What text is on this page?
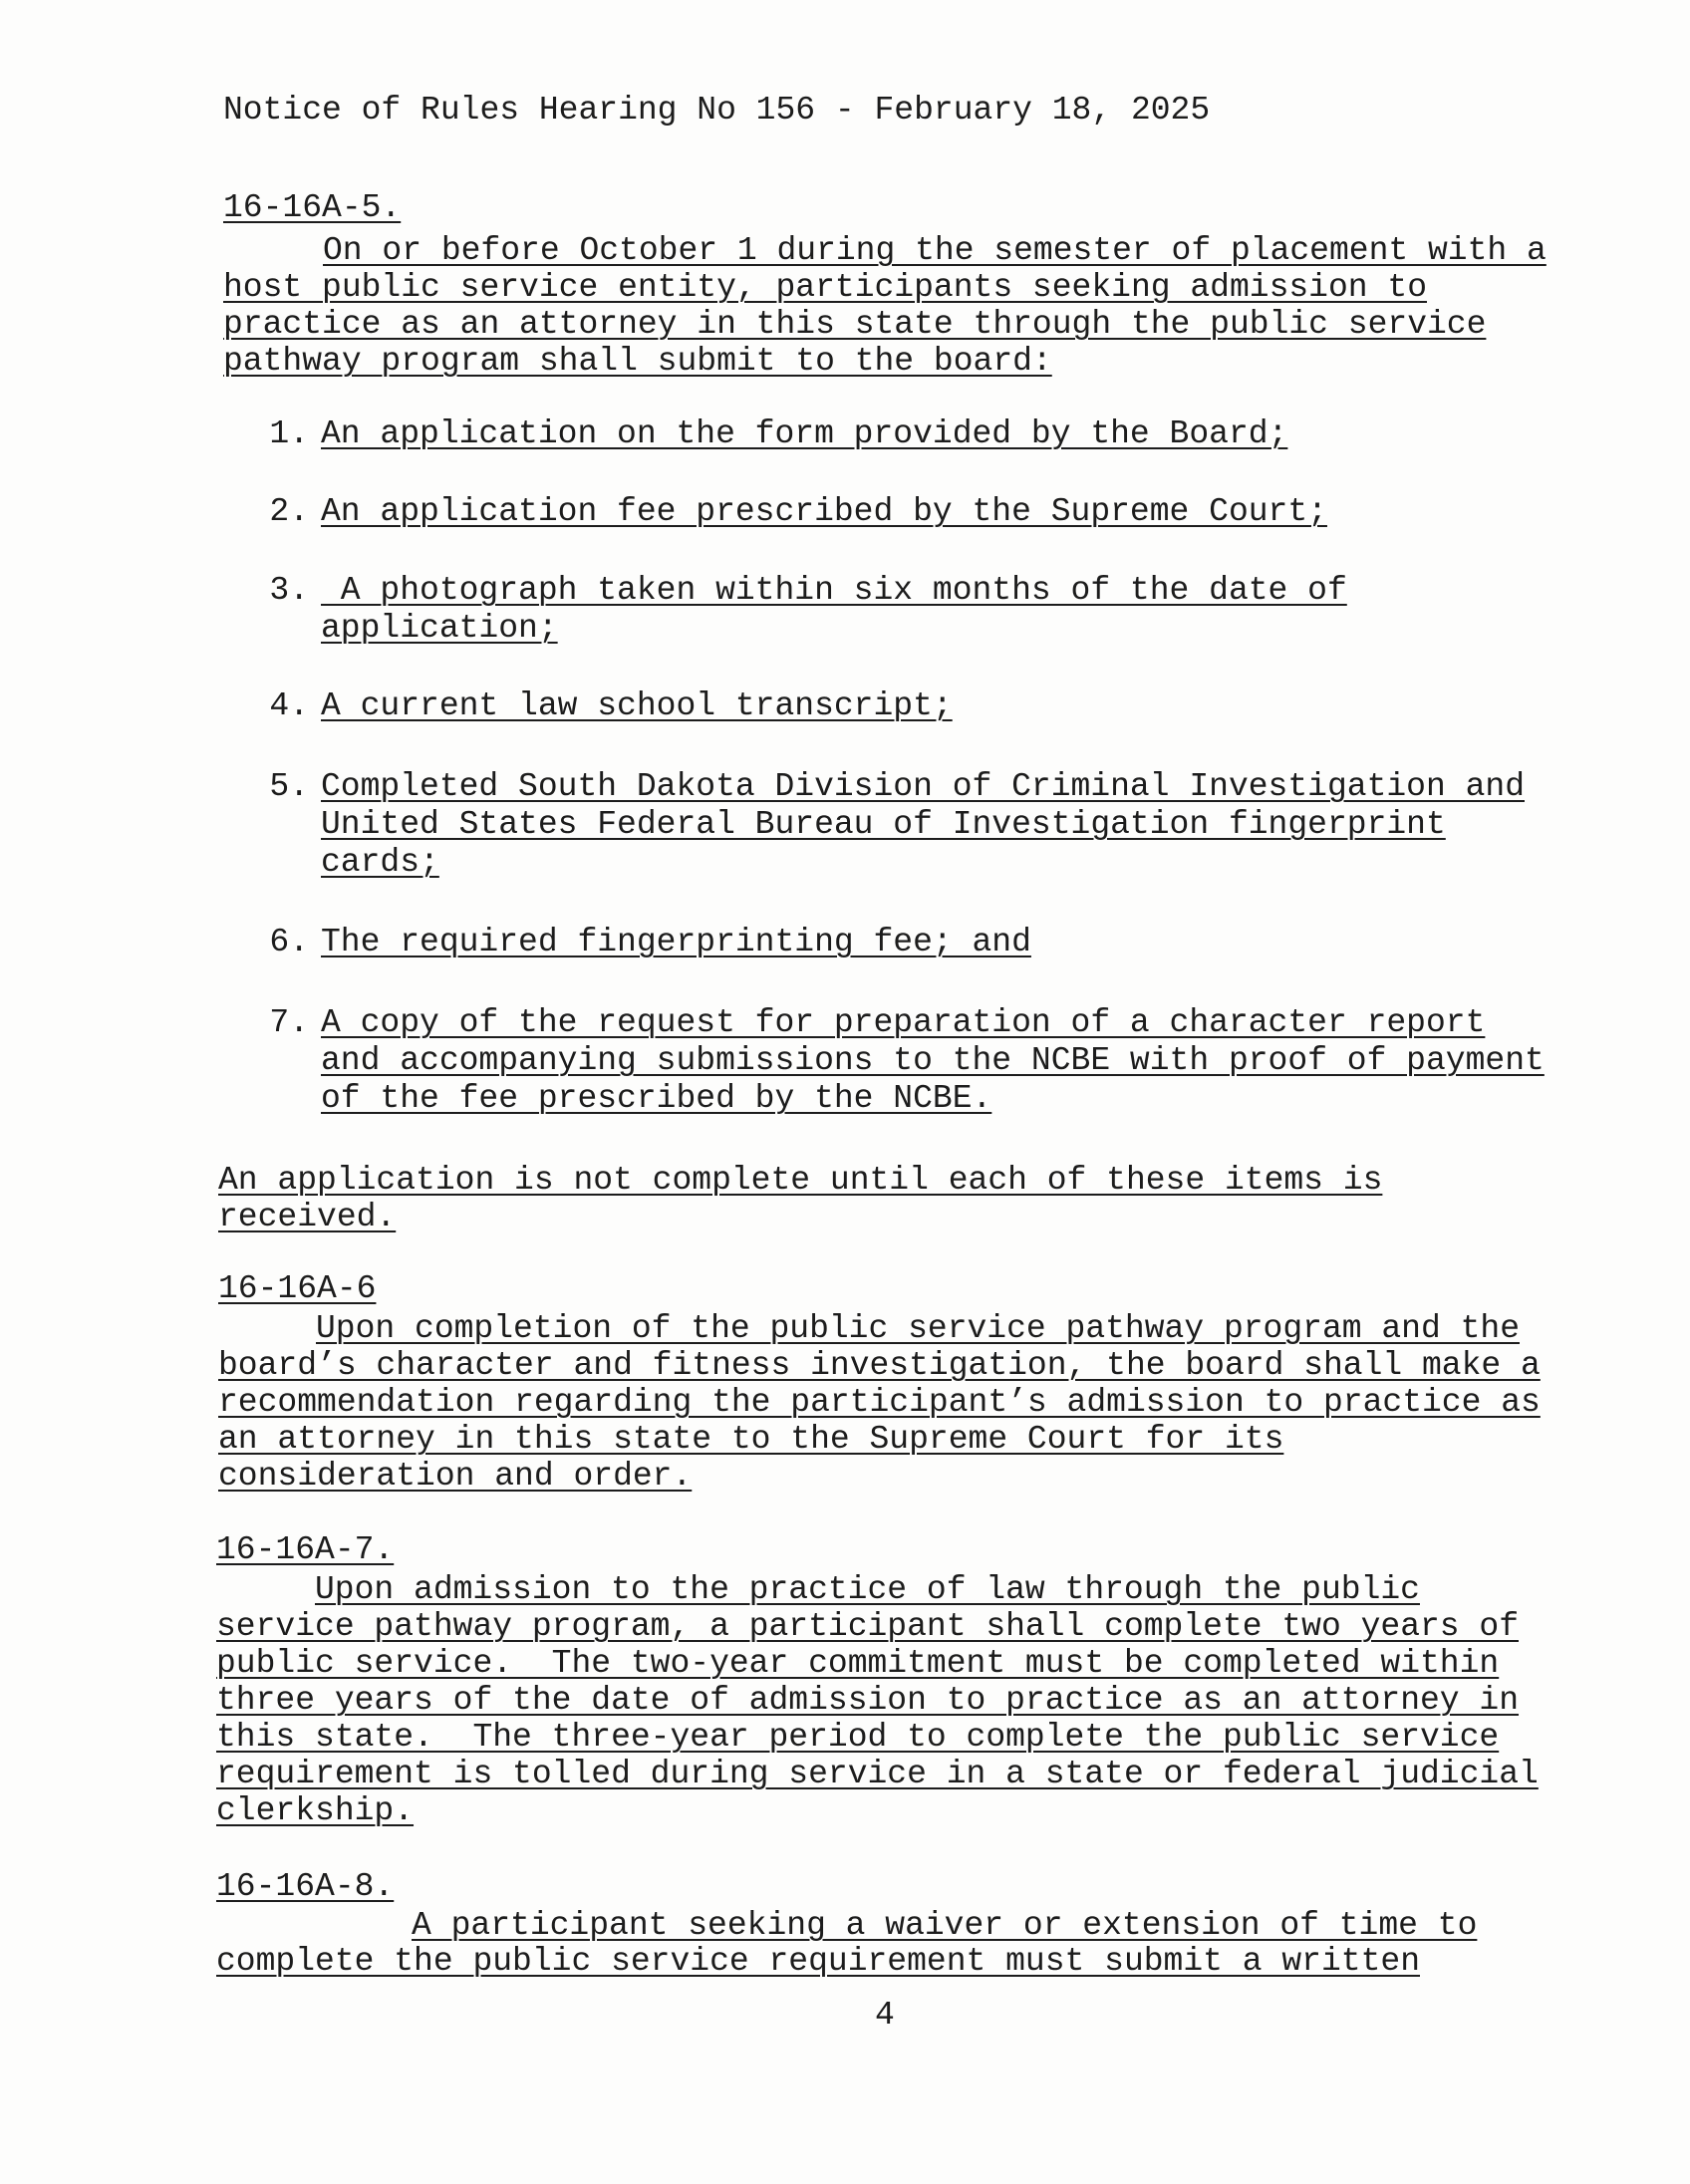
Notice of Rules Hearing No 156 - February 18, 2025
16-16A-5.
On or before October 1 during the semester of placement with a
host public service entity, participants seeking admission to
practice as an attorney in this state through the public service
pathway program shall submit to the board:
1. An application on the form provided by the Board;
2. An application fee prescribed by the Supreme Court;
3. A photograph taken within six months of the date of
application;
4. A current law school transcript;
5. Completed South Dakota Division of Criminal Investigation and
United States Federal Bureau of Investigation fingerprint
cards;
6. The required fingerprinting fee; and
7. A copy of the request for preparation of a character report
and accompanying submissions to the NCBE with proof of payment
of the fee prescribed by the NCBE.
An application is not complete until each of these items is
received.
16-16A-6
Upon completion of the public service pathway program and the
board’s character and fitness investigation, the board shall make a
recommendation regarding the participant’s admission to practice as
an attorney in this state to the Supreme Court for its
consideration and order.
16-16A-7.
Upon admission to the practice of law through the public
service pathway program, a participant shall complete two years of
public service.  The two-year commitment must be completed within
three years of the date of admission to practice as an attorney in
this state.  The three-year period to complete the public service
requirement is tolled during service in a state or federal judicial
clerkship.
16-16A-8.
A participant seeking a waiver or extension of time to
complete the public service requirement must submit a written
4
